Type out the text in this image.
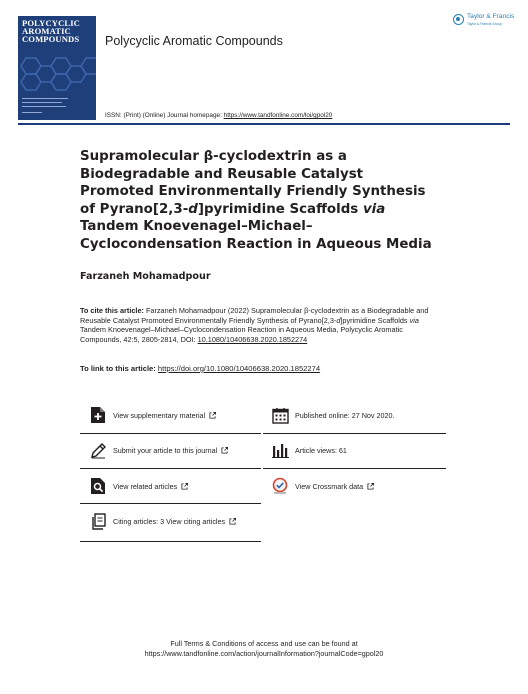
POLYCYCLIC
AROMATIC
COMPOUNDS	Polycyclic Aromatic Compounds
Taylor & Francis
Taylor & Francis Group
ISSN: (Print) (Online) Journal homepage: https://www.tandfonline.com/loi/gpol20
Supramolecular β-cyclodextrin as a Biodegradable and Reusable Catalyst Promoted Environmentally Friendly Synthesis of Pyrano[2,3-d]pyrimidine Scaffolds via Tandem Knoevenagel–Michael–Cyclocondensation Reaction in Aqueous Media
Farzaneh Mohamadpour
To cite this article: Farzaneh Mohamadpour (2022) Supramolecular β-cyclodextrin as a Biodegradable and Reusable Catalyst Promoted Environmentally Friendly Synthesis of Pyrano[2,3-d]pyrimidine Scaffolds via Tandem Knoevenagel–Michael–Cyclocondensation Reaction in Aqueous Media, Polycyclic Aromatic Compounds, 42:5, 2805-2814, DOI: 10.1080/10406638.2020.1852274
To link to this article: https://doi.org/10.1080/10406638.2020.1852274
View supplementary material	Published online: 27 Nov 2020.
Submit your article to this journal	Article views: 61
View related articles	View Crossmark data
Citing articles: 3 View citing articles
Full Terms & Conditions of access and use can be found at
https://www.tandfonline.com/action/journalInformation?journalCode=gpol20
